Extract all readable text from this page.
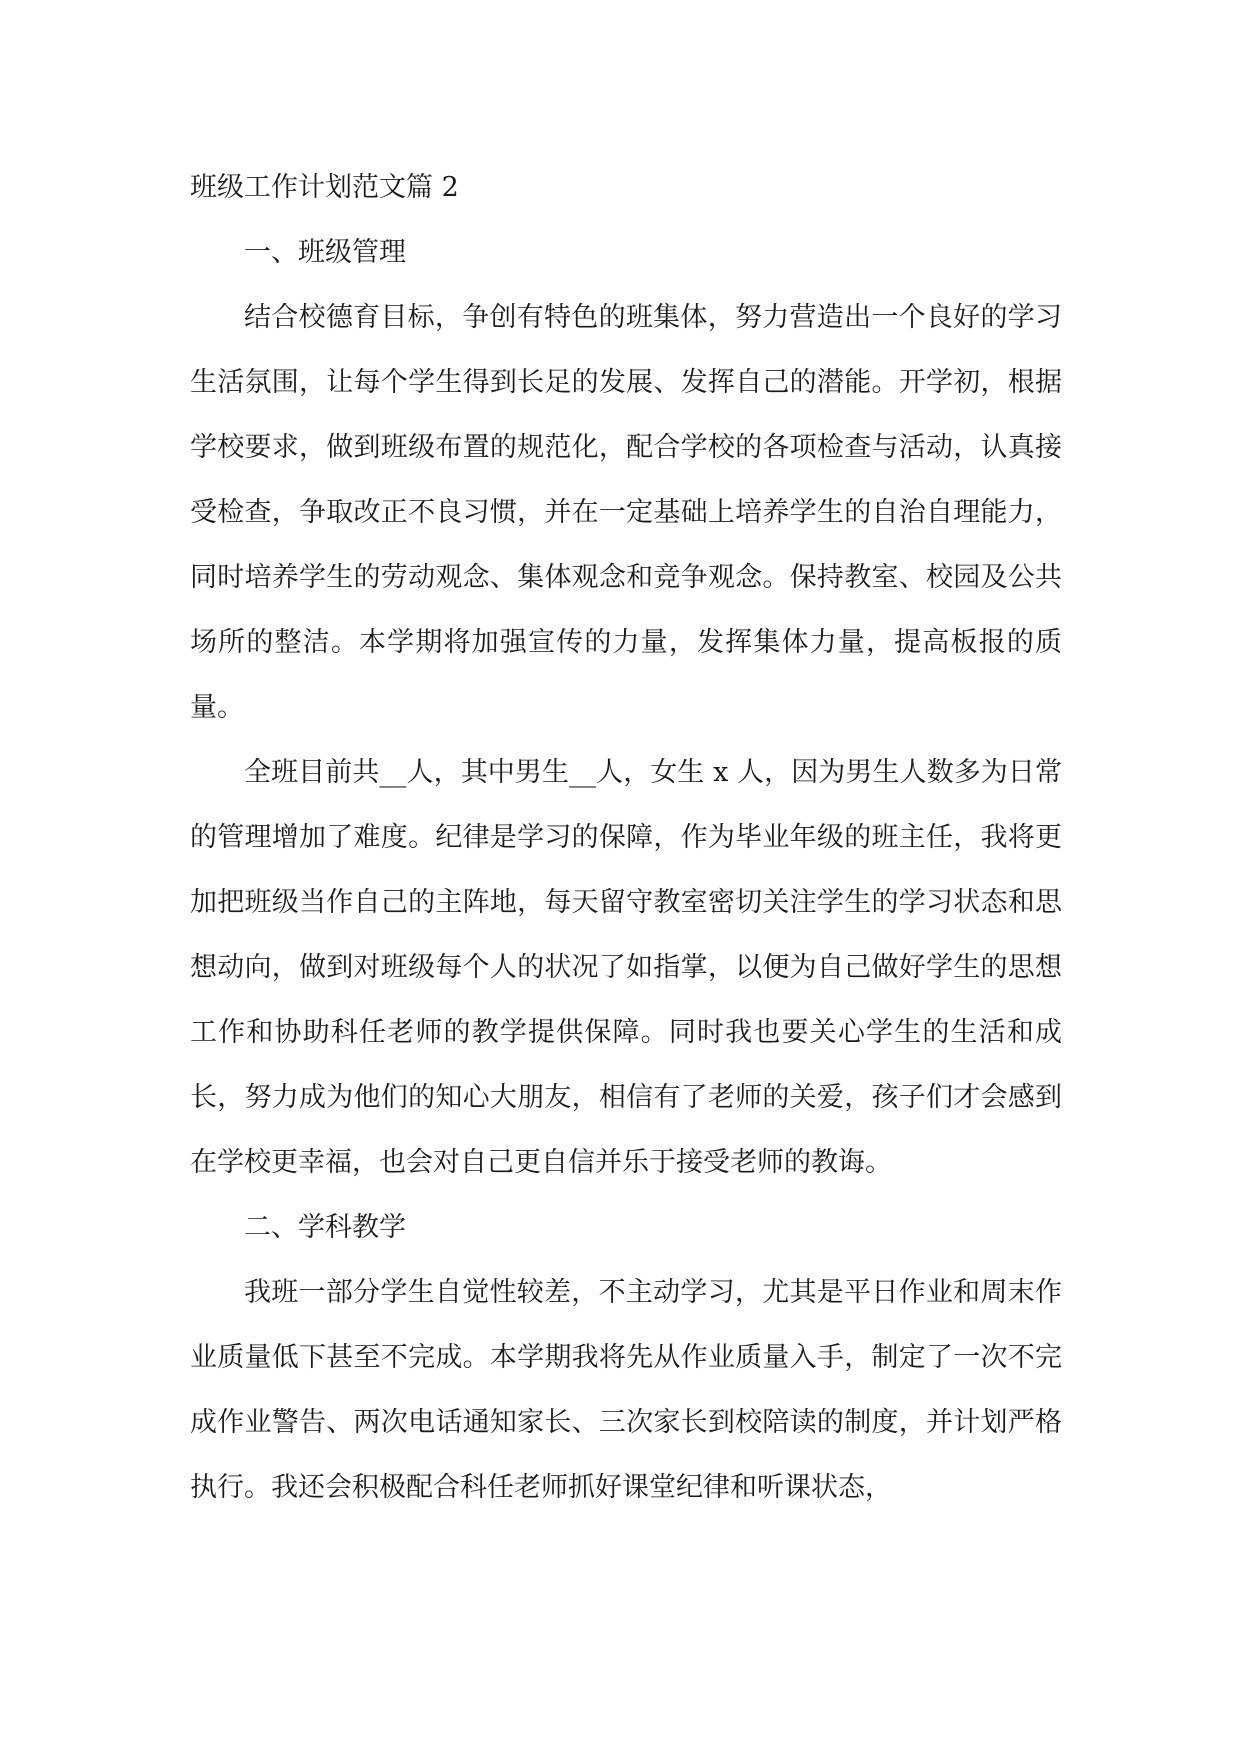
班级工作计划范文篇 2
一、班级管理

结合校德育目标，争创有特色的班集体，努力营造出一个良好的学习生活氛围，让每个学生得到长足的发展、发挥自己的潜能。开学初，根据学校要求，做到班级布置的规范化，配合学校的各项检查与活动，认真接受检查，争取改正不良习惯，并在一定基础上培养学生的自治自理能力，同时培养学生的劳动观念、集体观念和竞争观念。保持教室、校园及公共场所的整洁。本学期将加强宣传的力量，发挥集体力量，提高板报的质量。

全班目前共__人，其中男生__人，女生 x 人，因为男生人数多为日常的管理增加了难度。纪律是学习的保障，作为毕业年级的班主任，我将更加把班级当作自己的主阵地，每天留守教室密切关注学生的学习状态和思想动向，做到对班级每个人的状况了如指掌，以便为自己做好学生的思想工作和协助科任老师的教学提供保障。同时我也要关心学生的生活和成长，努力成为他们的知心大朋友，相信有了老师的关爱，孩子们才会感到在学校更幸福，也会对自己更自信并乐于接受老师的教诲。

二、学科教学

我班一部分学生自觉性较差，不主动学习，尤其是平日作业和周末作业质量低下甚至不完成。本学期我将先从作业质量入手，制定了一次不完成作业警告、两次电话通知家长、三次家长到校陪读的制度，并计划严格执行。我还会积极配合科任老师抓好课堂纪律和听课状态，
